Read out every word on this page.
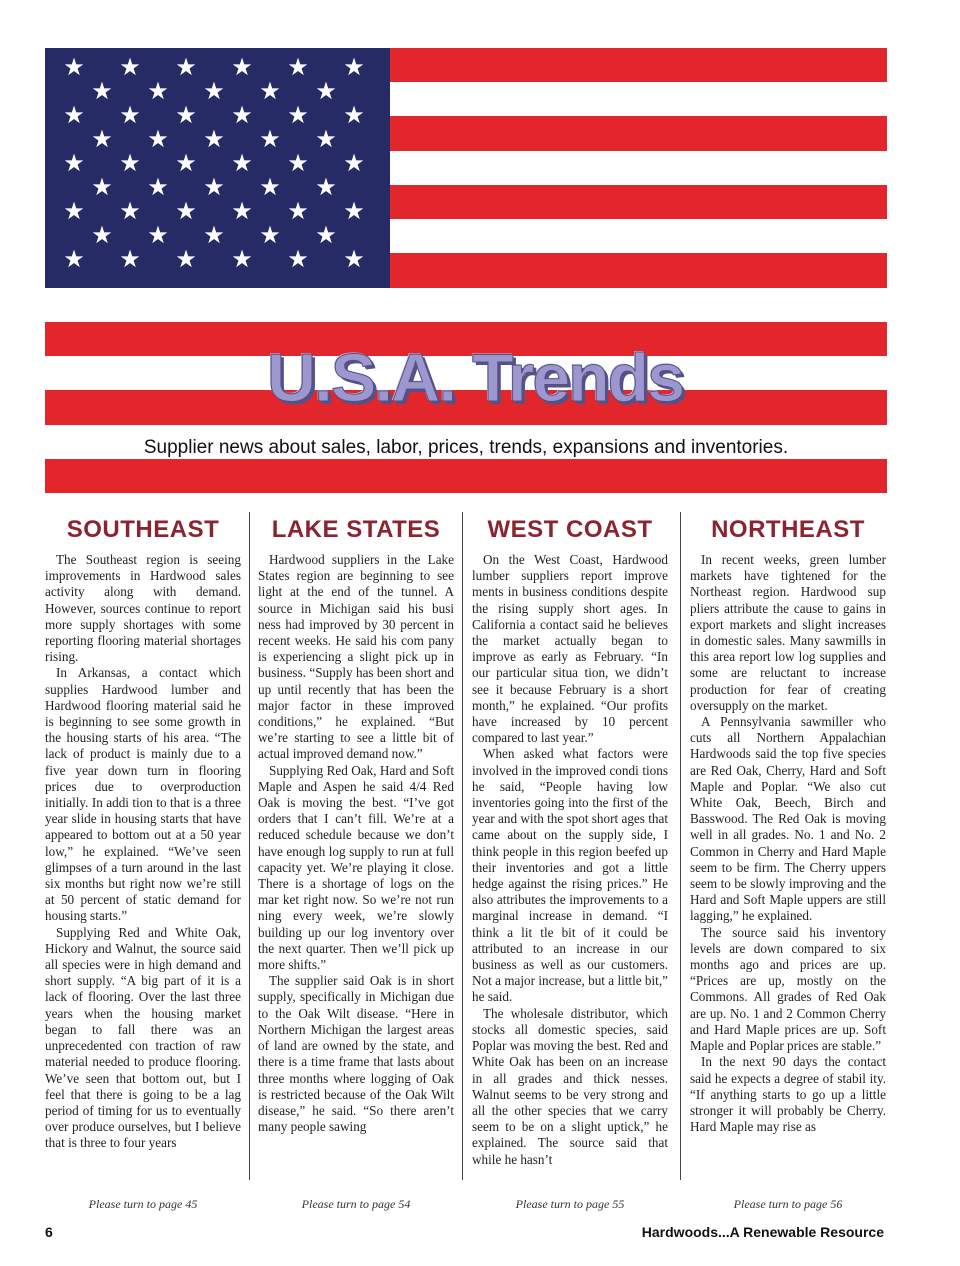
★ ★ ★ ★ ★ ★
★ ★ ★ ★ ★
★ ★ ★ ★ ★ ★
★ ★ ★ ★ ★
★ ★ ★ ★ ★ ★
★ ★ ★ ★ ★
★ ★ ★ ★ ★ ★
★ ★ ★ ★ ★
★ ★ ★ ★ ★ ★
U.S.A. Trends
Supplier news about sales, labor, prices, trends, expansions and inventories.
SOUTHEAST

The Southeast region is seeing improvements in Hardwood sales activity along with demand. However, sources continue to report more supply shortages with some reporting flooring material shortages rising.

In Arkansas, a contact which supplies Hardwood lumber and Hardwood flooring material said he is beginning to see some growth in the housing starts of his area. “The lack of product is mainly due to a five year down turn in flooring prices due to overproduction initially. In addi tion to that is a three year slide in housing starts that have appeared to bottom out at a 50 year low,” he explained. “We’ve seen glimpses of a turn around in the last six months but right now we’re still at 50 percent of static demand for housing starts.”

Supplying Red and White Oak, Hickory and Walnut, the source said all species were in high demand and short supply. “A big part of it is a lack of flooring. Over the last three years when the housing market began to fall there was an unprecedented con traction of raw material needed to produce flooring. We’ve seen that bottom out, but I feel that there is going to be a lag period of timing for us to eventually over produce ourselves, but I believe that is three to four years

LAKE STATES

Hardwood suppliers in the Lake States region are beginning to see light at the end of the tunnel. A source in Michigan said his busi ness had improved by 30 percent in recent weeks. He said his com pany is experiencing a slight pick up in business. “Supply has been short and up until recently that has been the major factor in these improved conditions,” he explained. “But we’re starting to see a little bit of actual improved demand now.”

Supplying Red Oak, Hard and Soft Maple and Aspen he said 4/4 Red Oak is moving the best. “I’ve got orders that I can’t fill. We’re at a reduced schedule because we don’t have enough log supply to run at full capacity yet. We’re playing it close. There is a shortage of logs on the mar ket right now. So we’re not run ning every week, we’re slowly building up our log inventory over the next quarter. Then we’ll pick up more shifts.”

The supplier said Oak is in short supply, specifically in Michigan due to the Oak Wilt disease. “Here in Northern Michigan the largest areas of land are owned by the state, and there is a time frame that lasts about three months where logging of Oak is restricted because of the Oak Wilt disease,” he said. “So there aren’t many people sawing

WEST COAST

On the West Coast, Hardwood lumber suppliers report improve ments in business conditions despite the rising supply short ages. In California a contact said he believes the market actually began to improve as early as February. “In our particular situa tion, we didn’t see it because February is a short month,” he explained. “Our profits have increased by 10 percent compared to last year.”

When asked what factors were involved in the improved condi tions he said, “People having low inventories going into the first of the year and with the spot short ages that came about on the supply side, I think people in this region beefed up their inventories and got a little hedge against the rising prices.” He also attributes the improvements to a marginal increase in demand. “I think a lit tle bit of it could be attributed to an increase in our business as well as our customers. Not a major increase, but a little bit,” he said.

The wholesale distributor, which stocks all domestic species, said Poplar was moving the best. Red and White Oak has been on an increase in all grades and thick nesses. Walnut seems to be very strong and all the other species that we carry seem to be on a slight uptick,” he explained. The source said that while he hasn’t

NORTHEAST

In recent weeks, green lumber markets have tightened for the Northeast region. Hardwood sup pliers attribute the cause to gains in export markets and slight increases in domestic sales. Many sawmills in this area report low log supplies and some are reluctant to increase production for fear of creating oversupply on the market.

A Pennsylvania sawmiller who cuts all Northern Appalachian Hardwoods said the top five species are Red Oak, Cherry, Hard and Soft Maple and Poplar. “We also cut White Oak, Beech, Birch and Basswood. The Red Oak is moving well in all grades. No. 1 and No. 2 Common in Cherry and Hard Maple seem to be firm. The Cherry uppers seem to be slowly improving and the Hard and Soft Maple uppers are still lagging,” he explained.

The source said his inventory levels are down compared to six months ago and prices are up. “Prices are up, mostly on the Commons. All grades of Red Oak are up. No. 1 and 2 Common Cherry and Hard Maple prices are up. Soft Maple and Poplar prices are stable.”

In the next 90 days the contact said he expects a degree of stabil ity. “If anything starts to go up a little stronger it will probably be Cherry. Hard Maple may rise as

Please turn to page 45	Please turn to page 54	Please turn to page 55	Please turn to page 56
6	Hardwoods...A Renewable Resource
